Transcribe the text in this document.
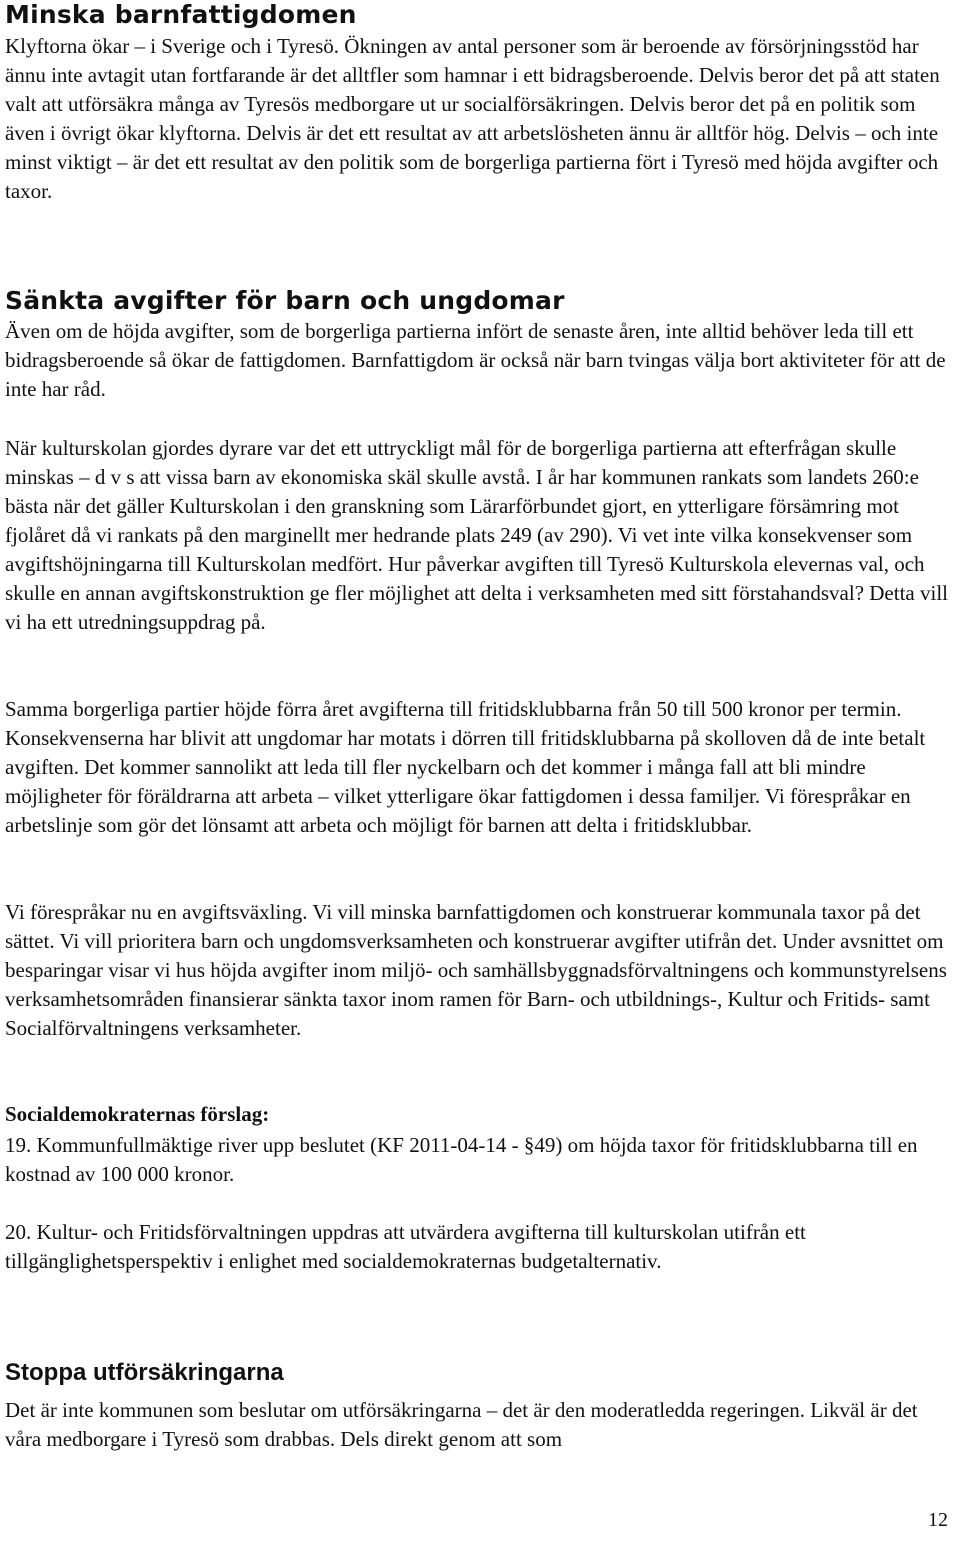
Minska barnfattigdomen

Klyftorna ökar – i Sverige och i Tyresö. Ökningen av antal personer som är beroende av försörjningsstöd har ännu inte avtagit utan fortfarande är det alltfler som hamnar i ett bidragsberoende. Delvis beror det på att staten valt att utförsäkra många av Tyresös medborgare ut ur socialförsäkringen. Delvis beror det på en politik som även i övrigt ökar klyftorna. Delvis är det ett resultat av att arbetslösheten ännu är alltför hög. Delvis – och inte minst viktigt – är det ett resultat av den politik som de borgerliga partierna fört i Tyresö med höjda avgifter och taxor.

Sänkta avgifter för barn och ungdomar

Även om de höjda avgifter, som de borgerliga partierna infört de senaste åren, inte alltid behöver leda till ett bidragsberoende så ökar de fattigdomen. Barnfattigdom är också när barn tvingas välja bort aktiviteter för att de inte har råd.

När kulturskolan gjordes dyrare var det ett uttryckligt mål för de borgerliga partierna att efterfrågan skulle minskas – d v s att vissa barn av ekonomiska skäl skulle avstå. I år har kommunen rankats som landets 260:e bästa när det gäller Kulturskolan i den granskning som Lärarförbundet gjort, en ytterligare försämring mot fjolåret då vi rankats på den marginellt mer hedrande plats 249 (av 290). Vi vet inte vilka konsekvenser som avgiftshöjningarna till Kulturskolan medfört. Hur påverkar avgiften till Tyresö Kulturskola elevernas val, och skulle en annan avgiftskonstruktion ge fler möjlighet att delta i verksamheten med sitt förstahandsval? Detta vill vi ha ett utredningsuppdrag på.

Samma borgerliga partier höjde förra året avgifterna till fritidsklubbarna från 50 till 500 kronor per termin. Konsekvenserna har blivit att ungdomar har motats i dörren till fritidsklubbarna på skolloven då de inte betalt avgiften. Det kommer sannolikt att leda till fler nyckelbarn och det kommer i många fall att bli mindre möjligheter för föräldrarna att arbeta – vilket ytterligare ökar fattigdomen i dessa familjer. Vi förespråkar en arbetslinje som gör det lönsamt att arbeta och möjligt för barnen att delta i fritidsklubbar.

Vi förespråkar nu en avgiftsväxling. Vi vill minska barnfattigdomen och konstruerar kommunala taxor på det sättet. Vi vill prioritera barn och ungdomsverksamheten och konstruerar avgifter utifrån det. Under avsnittet om besparingar visar vi hus höjda avgifter inom miljö- och samhällsbyggnadsförvaltningens och kommunstyrelsens verksamhetsområden finansierar sänkta taxor inom ramen för Barn- och utbildnings-, Kultur och Fritids- samt Socialförvaltningens verksamheter.

Socialdemokraternas förslag:

19. Kommunfullmäktige river upp beslutet (KF 2011-04-14 - §49) om höjda taxor för fritidsklubbarna till en kostnad av 100 000 kronor.

20. Kultur- och Fritidsförvaltningen uppdras att utvärdera avgifterna till kulturskolan utifrån ett tillgänglighetsperspektiv i enlighet med socialdemokraternas budgetalternativ.

Stoppa utförsäkringarna

Det är inte kommunen som beslutar om utförsäkringarna – det är den moderatledda regeringen. Likväl är det våra medborgare i Tyresö som drabbas. Dels direkt genom att som

12
